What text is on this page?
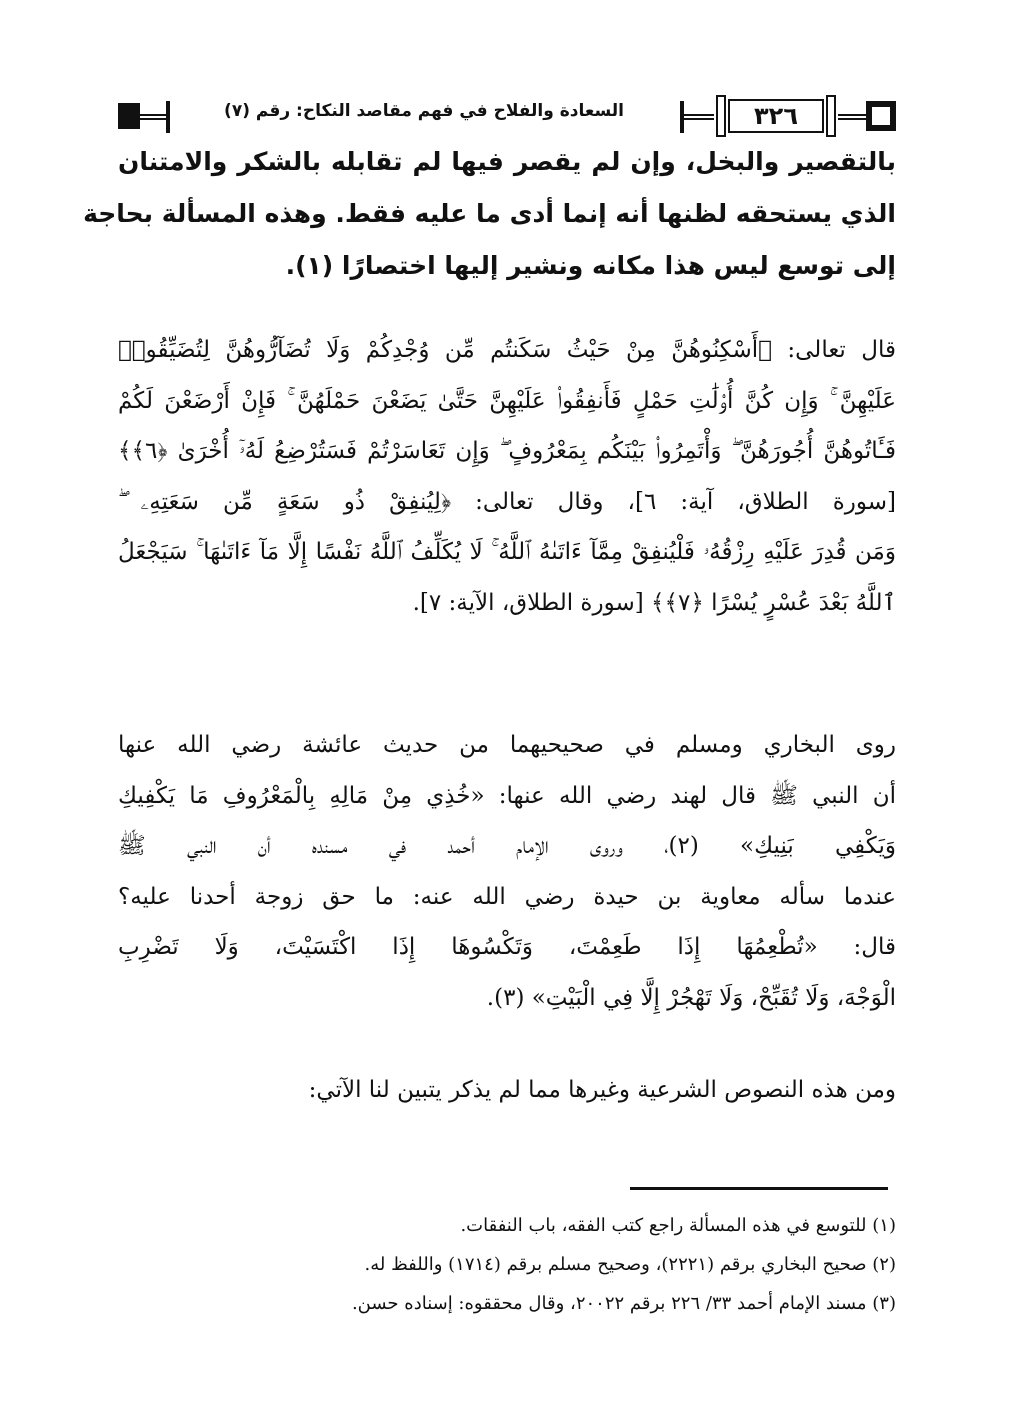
السعادة والفلاح في فهم مقاصد النكاح: رقم (٧)	٣٢٦
بالتقصير والبخل، وإن لم يقصر فيها لم تقابله بالشكر والامتنان
الذي يستحقه لظنها أنه إنما أدى ما عليه فقط. وهذه المسألة بحاجة
إلى توسع ليس هذا مكانه ونشير إليها اختصارًا (١).
قال تعالى: ﴿أَسْكِنُوهُنَّ مِنْ حَيْثُ سَكَنتُم مِّن وُجْدِكُمْ وَلَا تُضَآرُّوهُنَّ لِتُضَيِّقُوا۟
عَلَيْهِنَّ ۚ وَإِن كُنَّ أُو۟لَٰتِ حَمْلٍ فَأَنفِقُوا۟ عَلَيْهِنَّ حَتَّىٰ يَضَعْنَ حَمْلَهُنَّ ۚ فَإِنْ أَرْضَعْنَ لَكُمْ
فَـَٔاتُوهُنَّ أُجُورَهُنَّ ۖ وَأْتَمِرُوا۟ بَيْنَكُم بِمَعْرُوفٍ ۖ وَإِن تَعَاسَرْتُمْ فَسَتُرْضِعُ لَهُۥٓ أُخْرَىٰ ﴿٦﴾﴾
[سورة الطلاق، آية: ٦]، وقال تعالى: ﴿لِيُنفِقْ ذُو سَعَةٍ مِّن سَعَتِهِۦ ۖ
وَمَن قُدِرَ عَلَيْهِ رِزْقُهُۥ فَلْيُنفِقْ مِمَّآ ءَاتَىٰهُ ٱللَّهُ ۚ لَا يُكَلِّفُ ٱللَّهُ نَفْسًا إِلَّا مَآ ءَاتَىٰهَا ۚ سَيَجْعَلُ
ٱللَّهُ بَعْدَ عُسْرٍ يُسْرًا ﴿٧﴾﴾ [سورة الطلاق، الآية: ٧].
روى البخاري ومسلم في صحيحيهما من حديث عائشة رضي الله عنها
أن النبي ﷺ قال لهند رضي الله عنها: «خُذِي مِنْ مَالِهِ بِالْمَعْرُوفِ مَا يَكْفِيكِ
وَيَكْفِي بَنِيكِ» (٢)، وروى الإمام أحمد في مسنده أن النبي ﷺ
عندما سأله معاوية بن حيدة رضي الله عنه: ما حق زوجة أحدنا عليه؟
قال: «تُطْعِمُهَا إِذَا طَعِمْتَ، وَتَكْسُوهَا إِذَا اكْتَسَيْتَ، وَلَا تَضْرِبِ
الْوَجْهَ، وَلَا تُقَبِّحْ، وَلَا تَهْجُرْ إِلَّا فِي الْبَيْتِ» (٣).
ومن هذه النصوص الشرعية وغيرها مما لم يذكر يتبين لنا الآتي:
(١) للتوسع في هذه المسألة راجع كتب الفقه، باب النفقات.
(٢) صحيح البخاري برقم (٢٢٢١)، وصحيح مسلم برقم (١٧١٤) واللفظ له.
(٣) مسند الإمام أحمد ٣٣/ ٢٢٦ برقم ٢٠٠٢٢، وقال محققوه: إسناده حسن.
